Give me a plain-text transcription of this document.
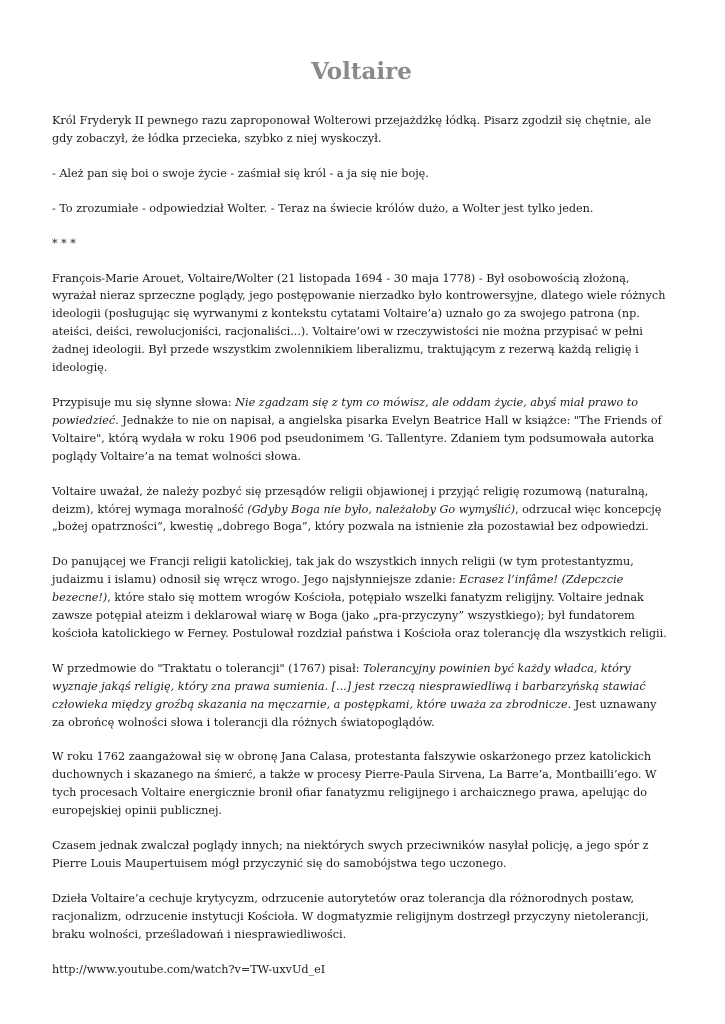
Voltaire

Król Fryderyk II pewnego razu zaproponował Wolterowi przejażdżkę łódką. Pisarz zgodził się chętnie, ale gdy zobaczył, że łódka przecieka, szybko z niej wyskoczył.

- Ależ pan się boi o swoje życie - zaśmiał się król - a ja się nie boję.

- To zrozumiałe - odpowiedział Wolter. - Teraz na świecie królów dużo, a Wolter jest tylko jeden.

* * *

François-Marie Arouet, Voltaire/Wolter (21 listopada 1694 - 30 maja 1778) - Był osobowością złożoną, wyrażał nieraz sprzeczne poglądy, jego postępowanie nierzadko było kontrowersyjne, dlatego wiele różnych ideologii (posługując się wyrwanymi z kontekstu cytatami Voltaire’a) uznało go za swojego patrona (np. ateiści, deiści, rewolucjoniści, racjonaliści...). Voltaire’owi w rzeczywistości nie można przypisać w pełni żadnej ideologii. Był przede wszystkim zwolennikiem liberalizmu, traktującym z rezerwą każdą religię i ideologię.

Przypisuje mu się słynne słowa: Nie zgadzam się z tym co mówisz, ale oddam życie, abyś miał prawo to powiedzieć. Jednakże to nie on napisał, a angielska pisarka Evelyn Beatrice Hall w książce: "The Friends of Voltaire", którą wydała w roku 1906 pod pseudonimem 'G. Tallentyre. Zdaniem tym podsumowała autorka poglądy Voltaire’a na temat wolności słowa.

Voltaire uważał, że należy pozbyć się przesądów religii objawionej i przyjąć religię rozumową (naturalną, deizm), której wymaga moralność (Gdyby Boga nie było, należałoby Go wymyślić), odrzucał więc koncepcję „bożej opatrzności”, kwestię „dobrego Boga”, który pozwala na istnienie zła pozostawiał bez odpowiedzi.

Do panującej we Francji religii katolickiej, tak jak do wszystkich innych religii (w tym protestantyzmu, judaizmu i islamu) odnosił się wręcz wrogo. Jego najsłynniejsze zdanie: Ecrasez l’infâme! (Zdepczcie bezecne!), które stało się mottem wrogów Kościoła, potępiało wszelki fanatyzm religijny. Voltaire jednak zawsze potępiał ateizm i deklarował wiarę w Boga (jako „pra-przyczyny” wszystkiego); był fundatorem kościoła katolickiego w Ferney. Postulował rozdział państwa i Kościoła oraz tolerancję dla wszystkich religii.

W przedmowie do "Traktatu o tolerancji" (1767) pisał: Tolerancyjny powinien być każdy władca, który wyznaje jakąś religię, który zna prawa sumienia. [...] jest rzeczą niesprawiedliwą i barbarzyńską stawiać człowieka między groźbą skazania na męczarnie, a postępkami, które uważa za zbrodnicze. Jest uznawany za obrońcę wolności słowa i tolerancji dla różnych światopoglądów.

W roku 1762 zaangażował się w obronę Jana Calasa, protestanta fałszywie oskarżonego przez katolickich duchownych i skazanego na śmierć, a także w procesy Pierre-Paula Sirvena, La Barre’a, Montbailli’ego. W tych procesach Voltaire energicznie bronił ofiar fanatyzmu religijnego i archaicznego prawa, apelując do europejskiej opinii publicznej.

Czasem jednak zwalczał poglądy innych; na niektórych swych przeciwników nasyłał policję, a jego spór z Pierre Louis Maupertuisem mógł przyczynić się do samobójstwa tego uczonego.

Dzieła Voltaire’a cechuje krytycyzm, odrzucenie autorytetów oraz tolerancja dla różnorodnych postaw, racjonalizm, odrzucenie instytucji Kościoła. W dogmatyzmie religijnym dostrzegł przyczyny nietolerancji, braku wolności, prześladowań i niesprawiedliwości.

http://www.youtube.com/watch?v=TW-uxvUd_eI
